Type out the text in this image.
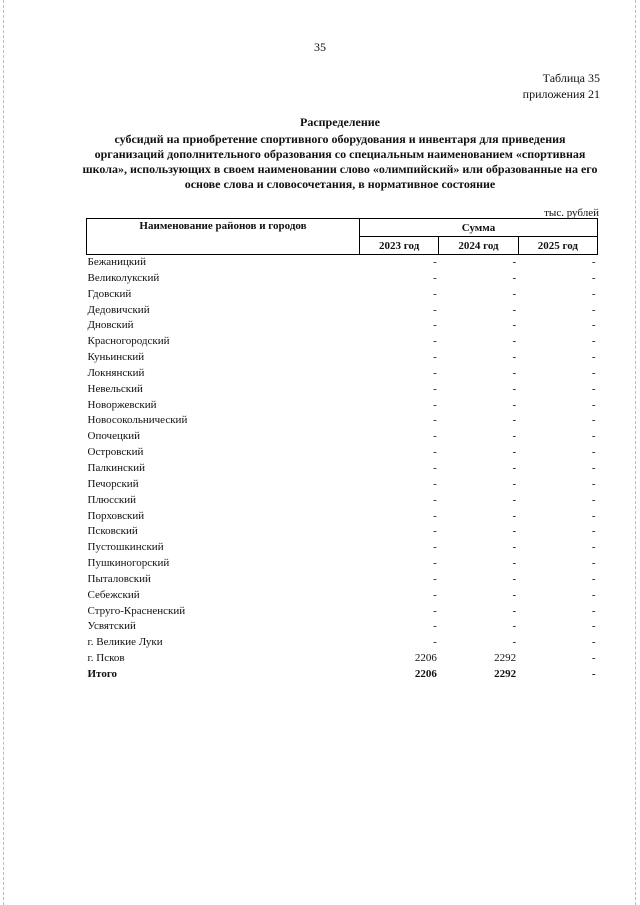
35
Таблица 35
приложения 21
Распределение
субсидий на приобретение спортивного оборудования и инвентаря для приведения организаций дополнительного образования со специальным наименованием «спортивная школа», использующих в своем наименовании слово «олимпийский» или образованные на его основе слова и словосочетания, в нормативное состояние
тыс. рублей
Наименование районов и городов	Сумма		
	2023 год	2024 год	2025 год
Бежаницкий	-	-	-
Великолукский	-	-	-
Гдовский	-	-	-
Дедовичский	-	-	-
Дновский	-	-	-
Красногородский	-	-	-
Куньинский	-	-	-
Локнянский	-	-	-
Невельский	-	-	-
Новоржевский	-	-	-
Новосокольнический	-	-	-
Опочецкий	-	-	-
Островский	-	-	-
Палкинский	-	-	-
Печорский	-	-	-
Плюсский	-	-	-
Порховский	-	-	-
Псковский	-	-	-
Пустошкинский	-	-	-
Пушкиногорский	-	-	-
Пыталовский	-	-	-
Себежский	-	-	-
Струго-Красненский	-	-	-
Усвятский	-	-	-
г. Великие Луки	-	-	-
г. Псков	2206	2292	-
Итого	2206	2292	-
